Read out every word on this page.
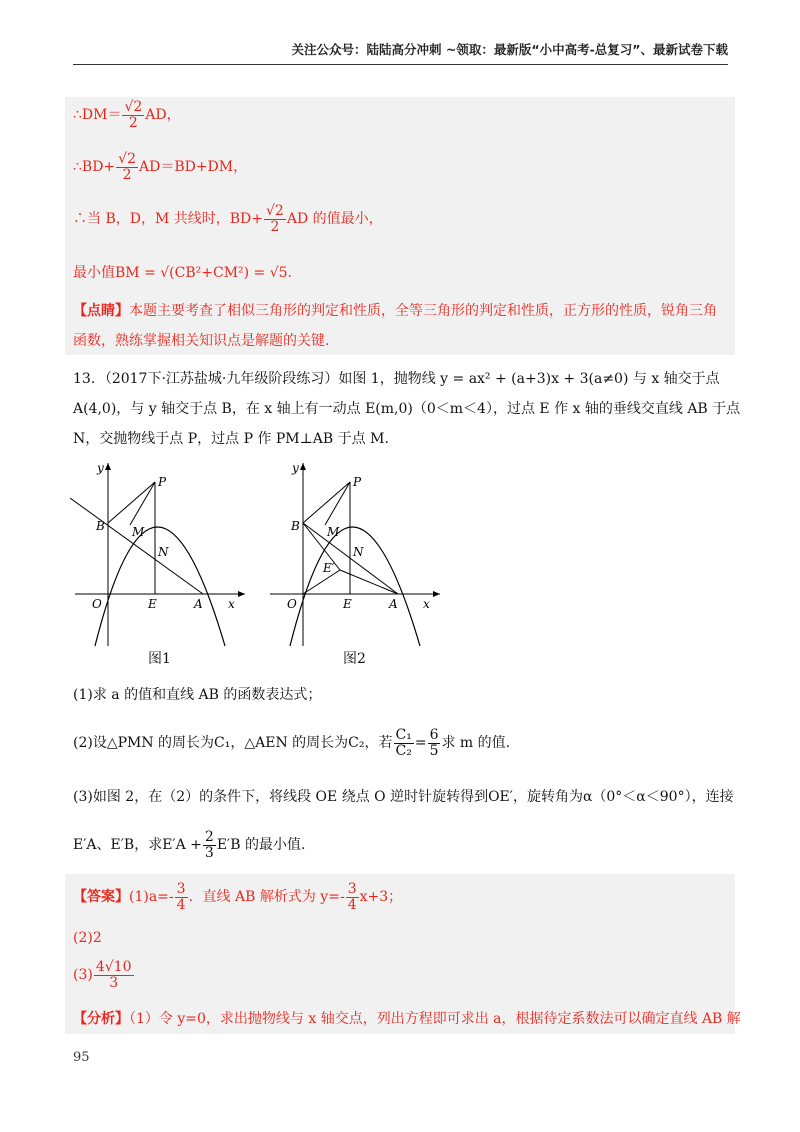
关注公众号：陆陆高分冲刺 ~领取：最新版“小中高考-总复习”、最新试卷下载
∴DM＝ $\frac{√2}{2}$ AD，
∴BD+ $\frac{√2}{2} AD=BD+DM$，
∴当 B，D，M 共线时，$BD+ \frac{√2}{2}$ AD 的值最小，
最小值BM = √(CB²+CM²) = √5.
【点睛】本题主要考查了相似三角形的判定和性质，全等三角形的判定和性质，正方形的性质，锐角三角
函数，熟练掌握相关知识点是解题的关键.
13．（2017下·江苏盐城·九年级阶段练习）如图 1，抛物线 y = ax² + (a+3)x + 3(a≠0) 与 x 轴交于点
A(4,0)，与 y 轴交于点 B，在 x 轴上有一动点 E(m,0)（0＜m＜4），过点 E 作 x 轴的垂线交直线 AB 于点
N，交抛物线于点 P，过点 P 作 PM⊥AB 于点 M.
y
x
O	E	A
B
P
M
N
图1
y
x
O	E	A
B
P
M
N
E′
图2
(1)求 a 的值和直线 AB 的函数表达式；
(2)设△PMN 的周长为C₁，△AEN 的周长为C₂，若 $\frac{\text{C₁}}{\text{C₂}} = \frac{6}{5}$ 求 m 的值.
(3)如图 2，在（2）的条件下，将线段 OE 绕点 O 逆时针旋转得到OE′，旋转角为α（0°＜α＜90°），连接
E′A、E′B，求$E'A + \frac{2}{3} E'B$ 的最小值.
【答案】$(1)a=- \frac{3}{4}$ ．直线 AB 解析式为 $y=- \frac{3}{4} x+3$；
(2)2
$(3) \frac{4√10}{3}$
【分析】（1）令 y=0，求出抛物线与 x 轴交点，列出方程即可求出 a，根据待定系数法可以确定直线 AB 解
95
